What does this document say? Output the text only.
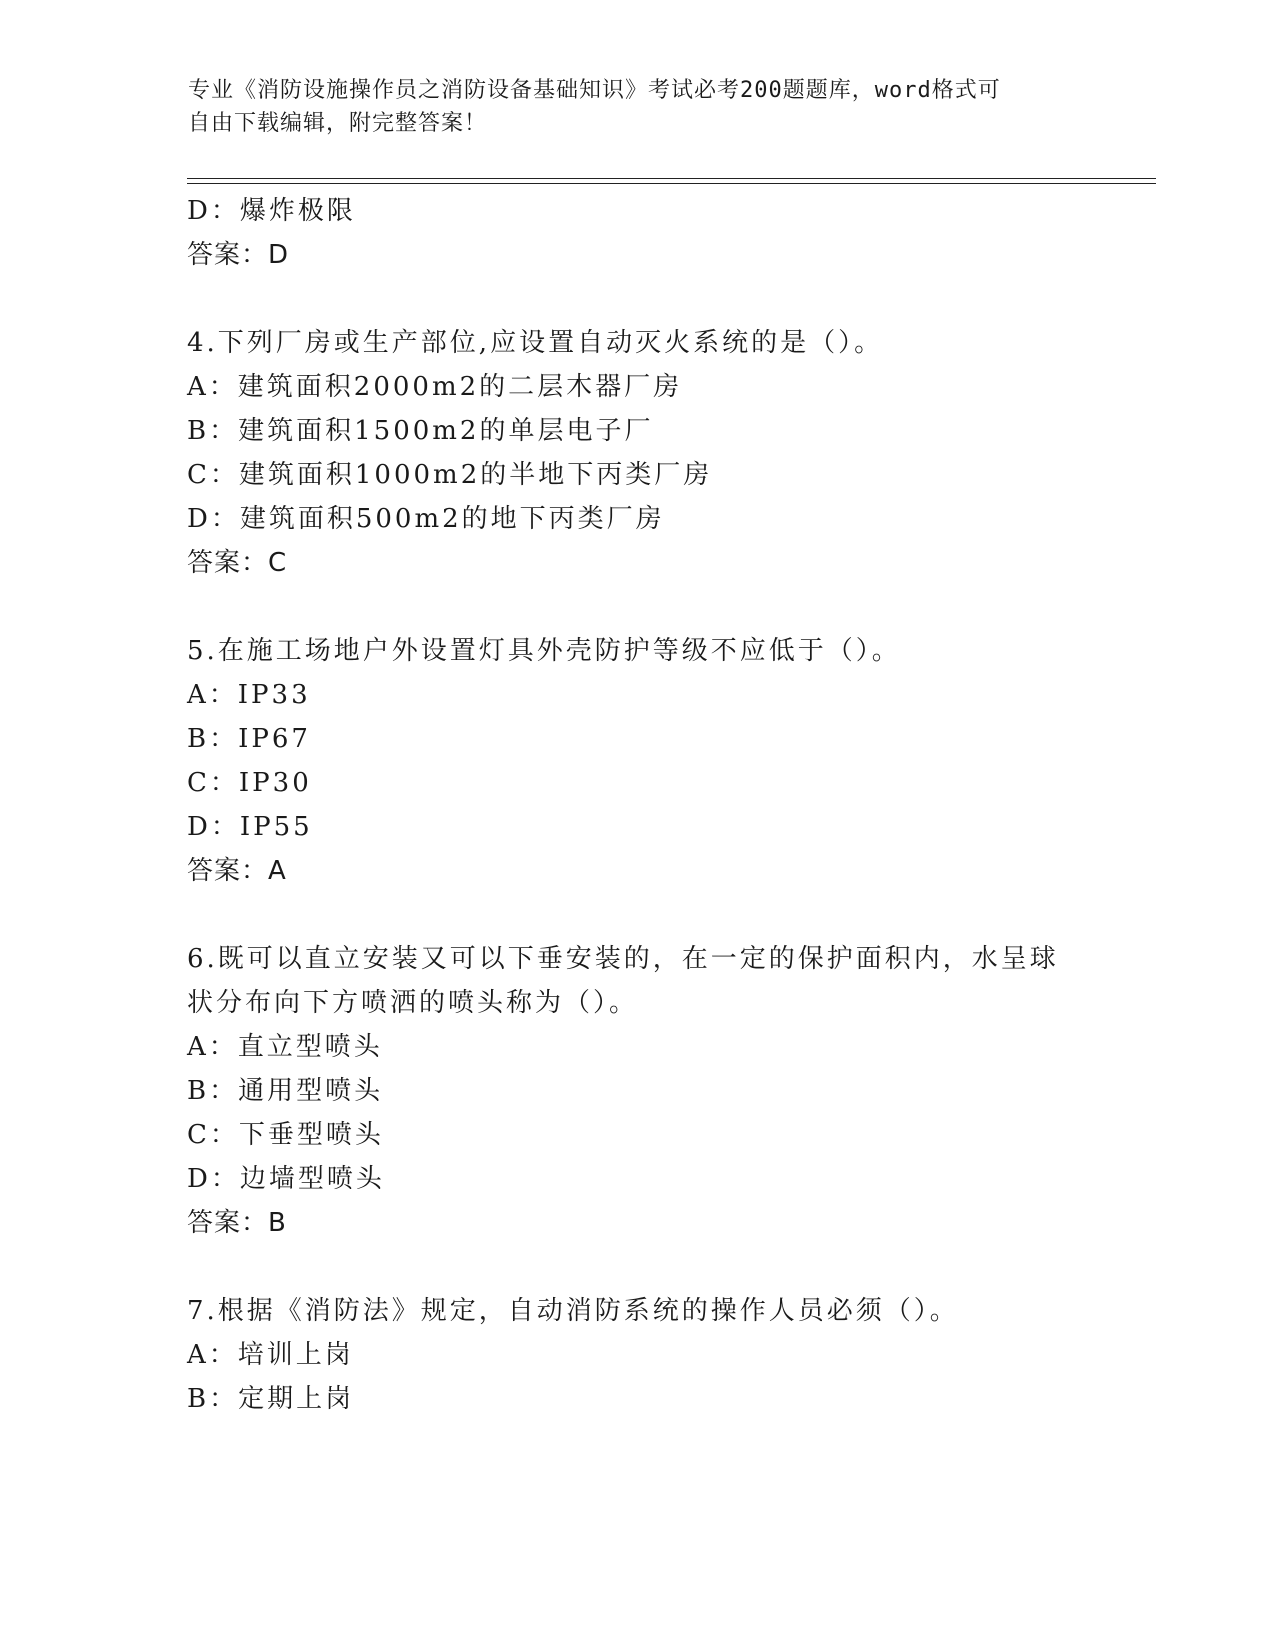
专业《消防设施操作员之消防设备基础知识》考试必考200题题库，word格式可
自由下载编辑，附完整答案！
D：爆炸极限
答案：D
4.下列厂房或生产部位,应设置自动灭火系统的是（）。
A：建筑面积2000m2的二层木器厂房
B：建筑面积1500m2的单层电子厂
C：建筑面积1000m2的半地下丙类厂房
D：建筑面积500m2的地下丙类厂房
答案：C
5.在施工场地户外设置灯具外壳防护等级不应低于（）。
A：IP33
B：IP67
C：IP30
D：IP55
答案：A
6.既可以直立安装又可以下垂安装的，在一定的保护面积内，水呈球
状分布向下方喷洒的喷头称为（）。
A：直立型喷头
B：通用型喷头
C：下垂型喷头
D：边墙型喷头
答案：B
7.根据《消防法》规定，自动消防系统的操作人员必须（）。
A：培训上岗
B：定期上岗
